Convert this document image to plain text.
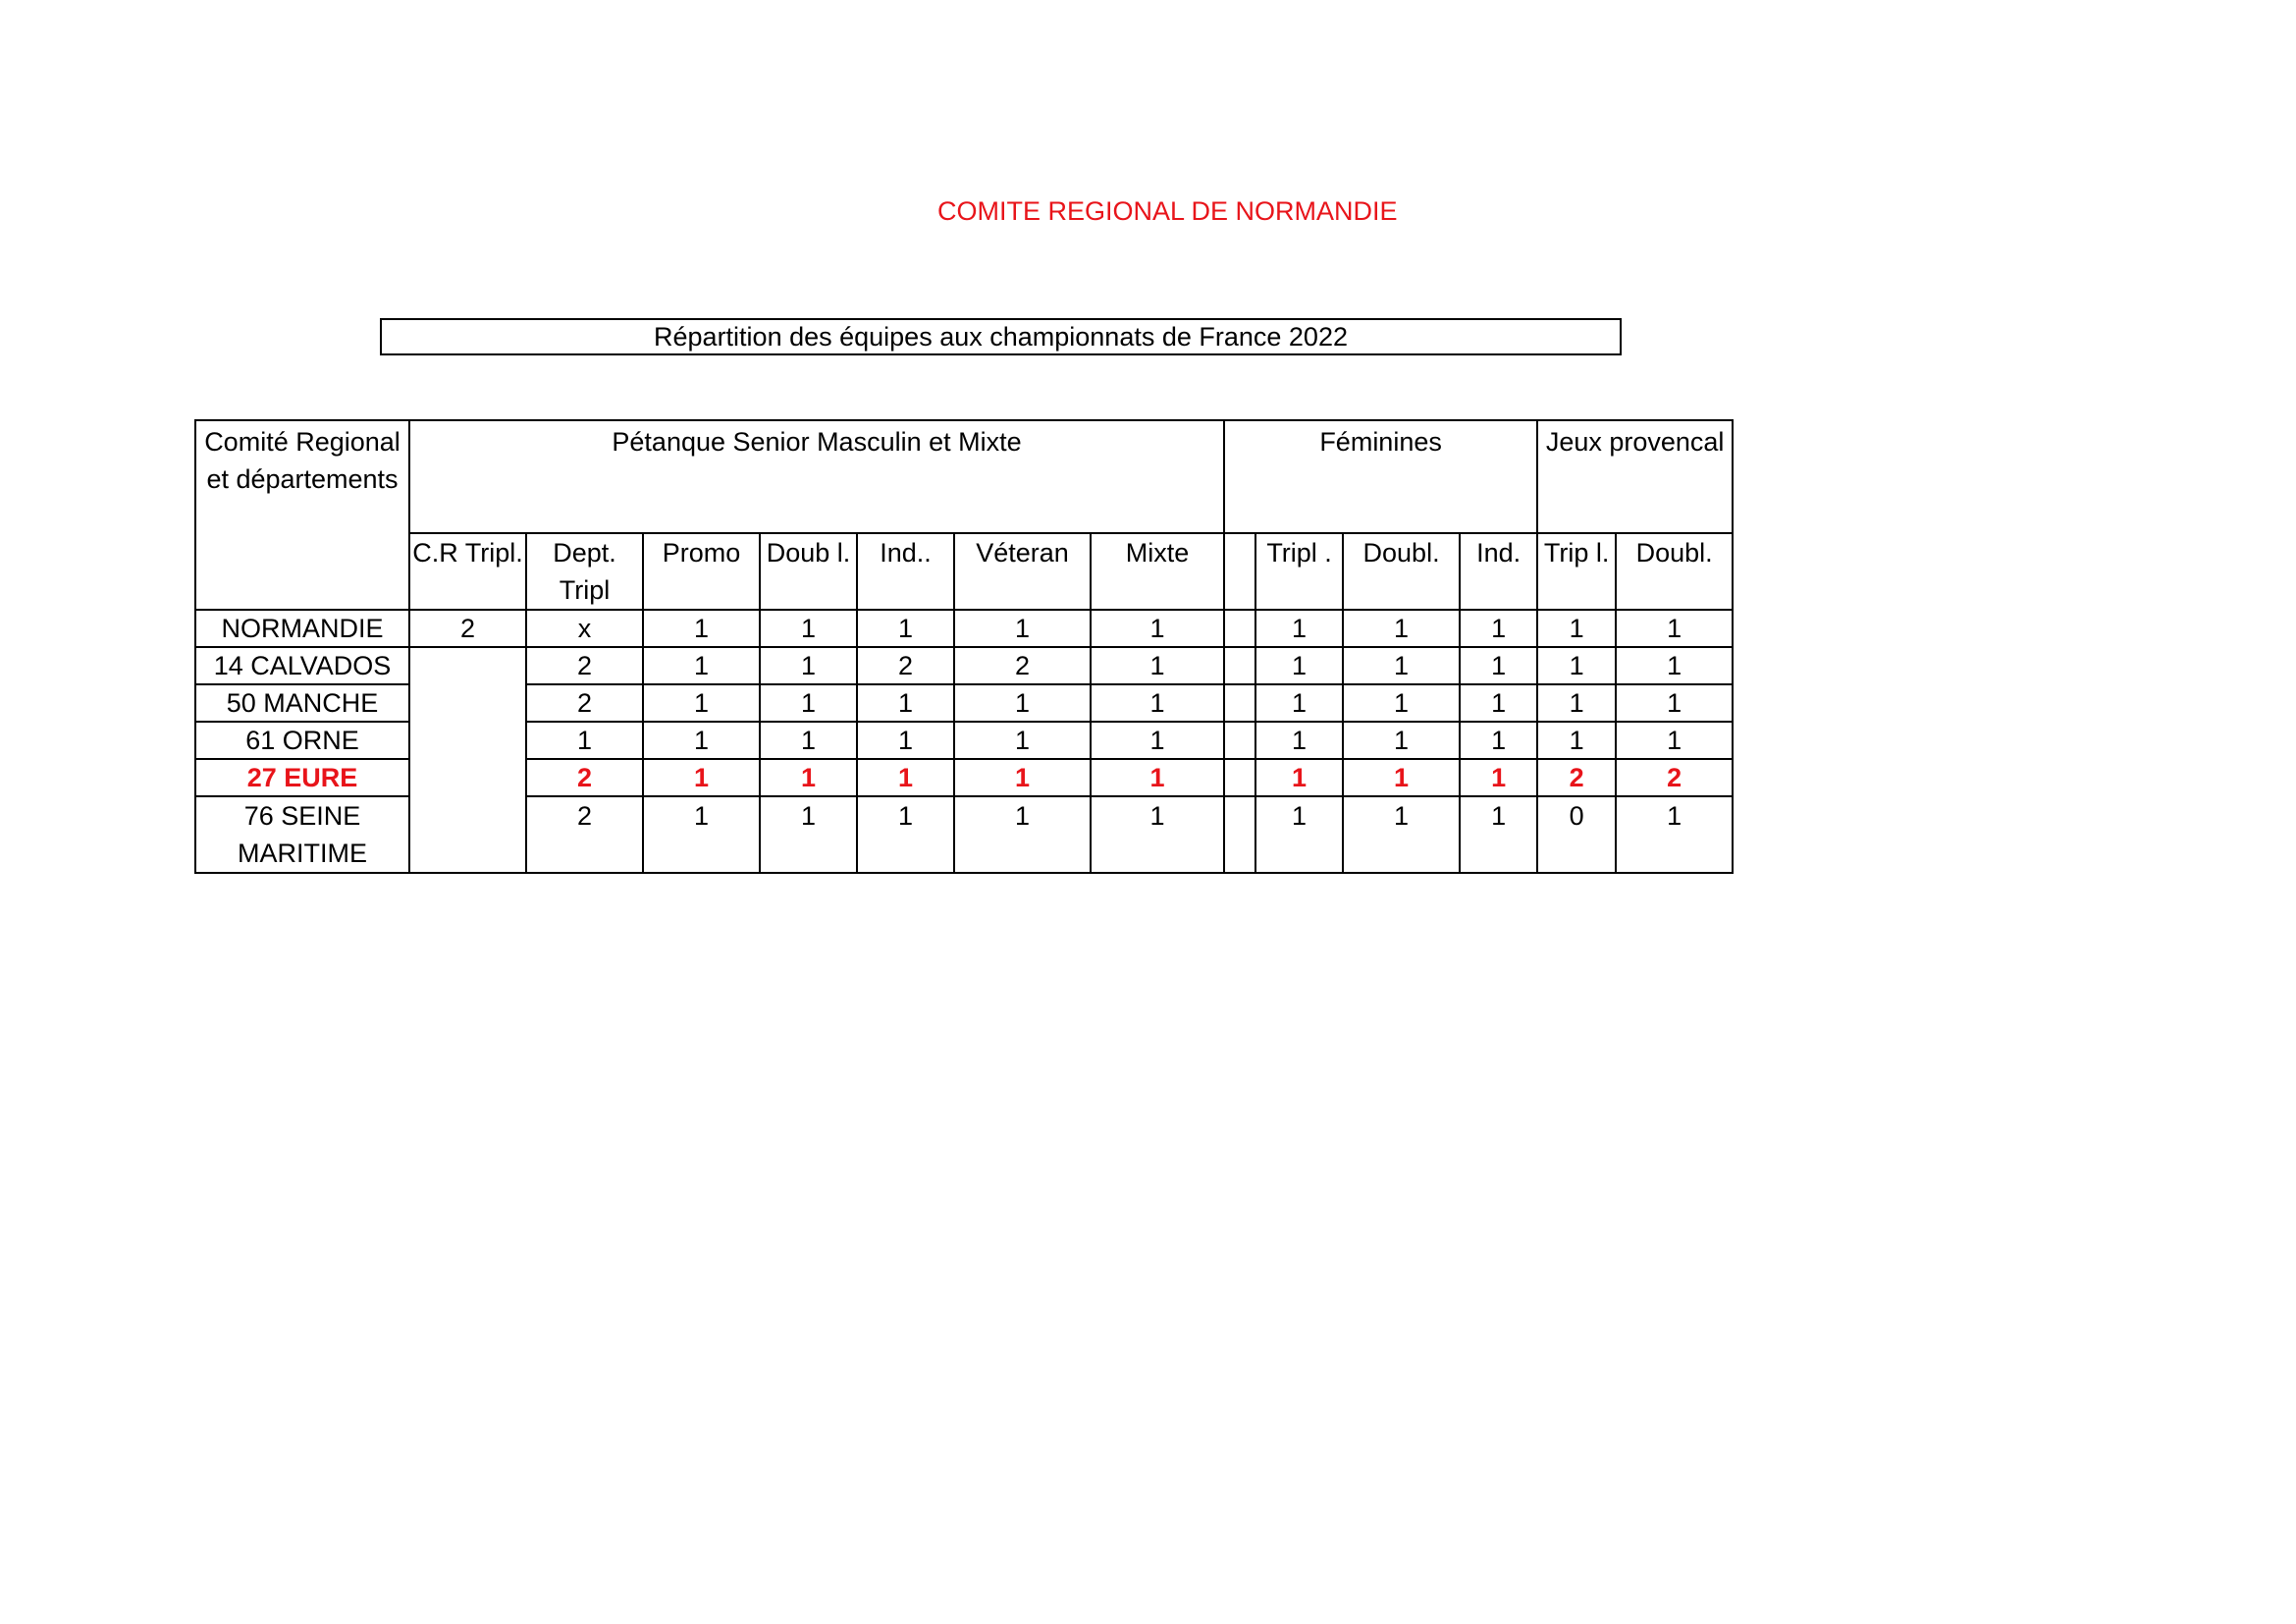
COMITE REGIONAL DE NORMANDIE
Répartition des équipes aux championnats de France 2022
Comité Regional et départements	Pétanque Senior Masculin et Mixte							Féminines				Jeux provencal	
	C.R Tripl.	Dept. Tripl	Promo	Doub l.	Ind..	Véteran	Mixte		Tripl .	Doubl.	Ind.	Trip l.	Doubl.
NORMANDIE	2	x	1	1	1	1	1		1	1	1	1	1
14 CALVADOS		2	1	1	2	2	1		1	1	1	1	1
50 MANCHE		2	1	1	1	1	1		1	1	1	1	1
61 ORNE		1	1	1	1	1	1		1	1	1	1	1
27 EURE		2	1	1	1	1	1		1	1	1	2	2
76 SEINE MARITIME		2	1	1	1	1	1		1	1	1	0	1
